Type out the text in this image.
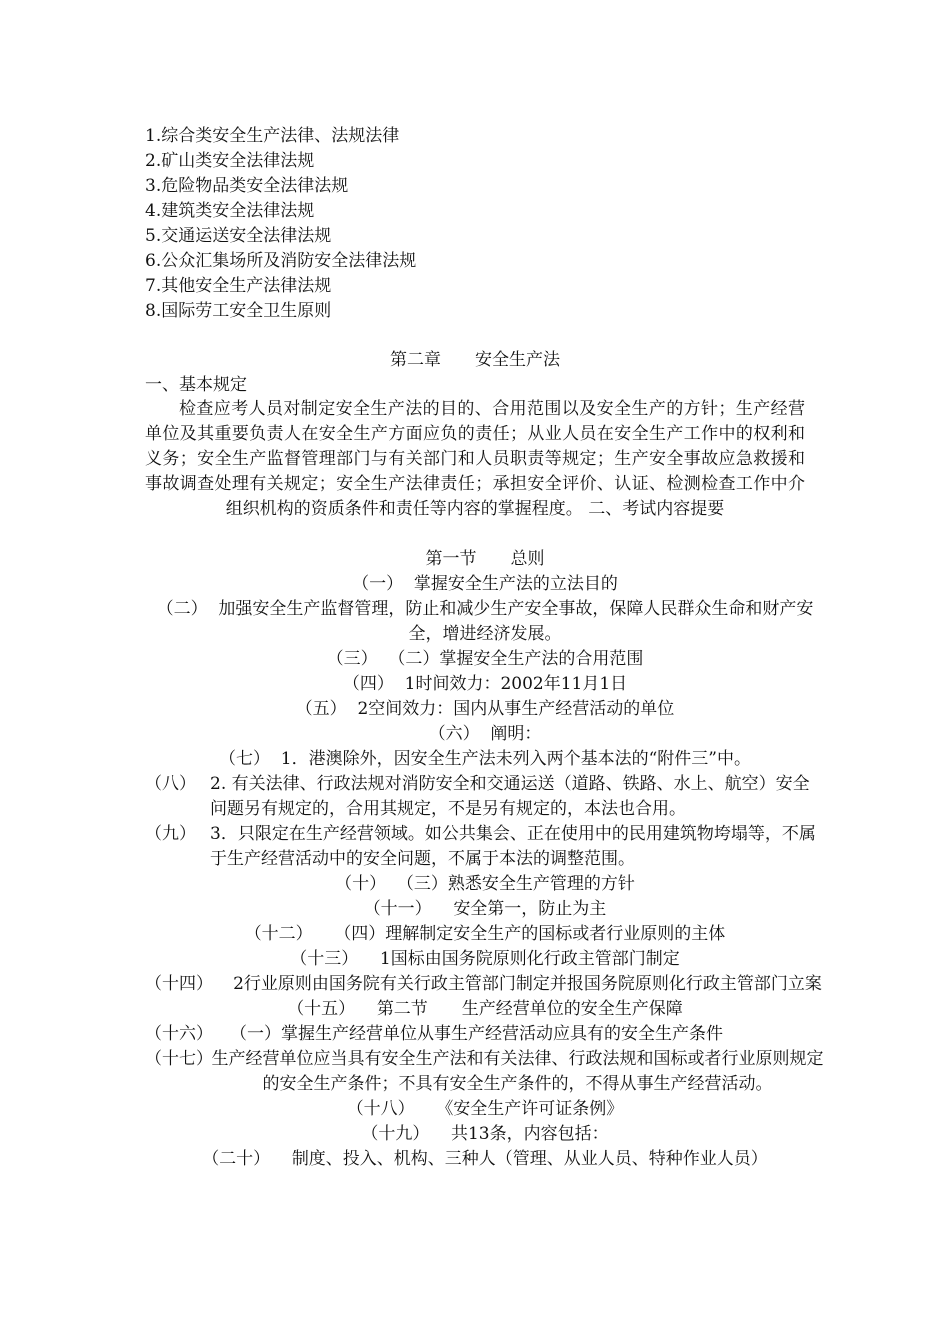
1.综合类安全生产法律、法规法律
2.矿山类安全法律法规
3.危险物品类安全法律法规
4.建筑类安全法律法规
5.交通运送安全法律法规
6.公众汇集场所及消防安全法律法规
7.其他安全生产法律法规
8.国际劳工安全卫生原则
第二章　　安全生产法
一、基本规定
检查应考人员对制定安全生产法的目的、合用范围以及安全生产的方针；生产经营单位及其重要负责人在安全生产方面应负的责任；从业人员在安全生产工作中的权利和义务；安全生产监督管理部门与有关部门和人员职责等规定；生产安全事故应急救援和事故调查处理有关规定；安全生产法律责任；承担安全评价、认证、检测检查工作中介组织机构的资质条件和责任等内容的掌握程度。 二、考试内容提要
第一节　　总则
（一） 掌握安全生产法的立法目的
（二） 加强安全生产监督管理，防止和减少生产安全事故，保障人民群众生命和财产安全，增进经济发展。
（三） （二）掌握安全生产法的合用范围
（四） 1时间效力：2002年11月1日
（五） 2空间效力：国内从事生产经营活动的单位
（六） 阐明：
（七） 1．港澳除外，因安全生产法未列入两个基本法的“附件三”中。
（八） 2. 有关法律、行政法规对消防安全和交通运送（道路、铁路、水上、航空）安全问题另有规定的，合用其规定，不是另有规定的，本法也合用。
（九） 3．只限定在生产经营领域。如公共集会、正在使用中的民用建筑物垮塌等，不属于生产经营活动中的安全问题，不属于本法的调整范围。
（十） （三）熟悉安全生产管理的方针
（十一） 安全第一，防止为主
（十二） （四）理解制定安全生产的国标或者行业原则的主体
（十三） 1国标由国务院原则化行政主管部门制定
（十四） 2行业原则由国务院有关行政主管部门制定并报国务院原则化行政主管部门立案
（十五） 第二节　　生产经营单位的安全生产保障
（十六） （一）掌握生产经营单位从事生产经营活动应具有的安全生产条件
（十七）
生产经营单位应当具有安全生产法和有关法律、行政法规和国标或者行业原则规定的安全生产条件；不具有安全生产条件的，不得从事生产经营活动。
（十八） 《安全生产许可证条例》
（十九） 共13条，内容包括：
（二十） 制度、投入、机构、三种人（管理、从业人员、特种作业人员）
